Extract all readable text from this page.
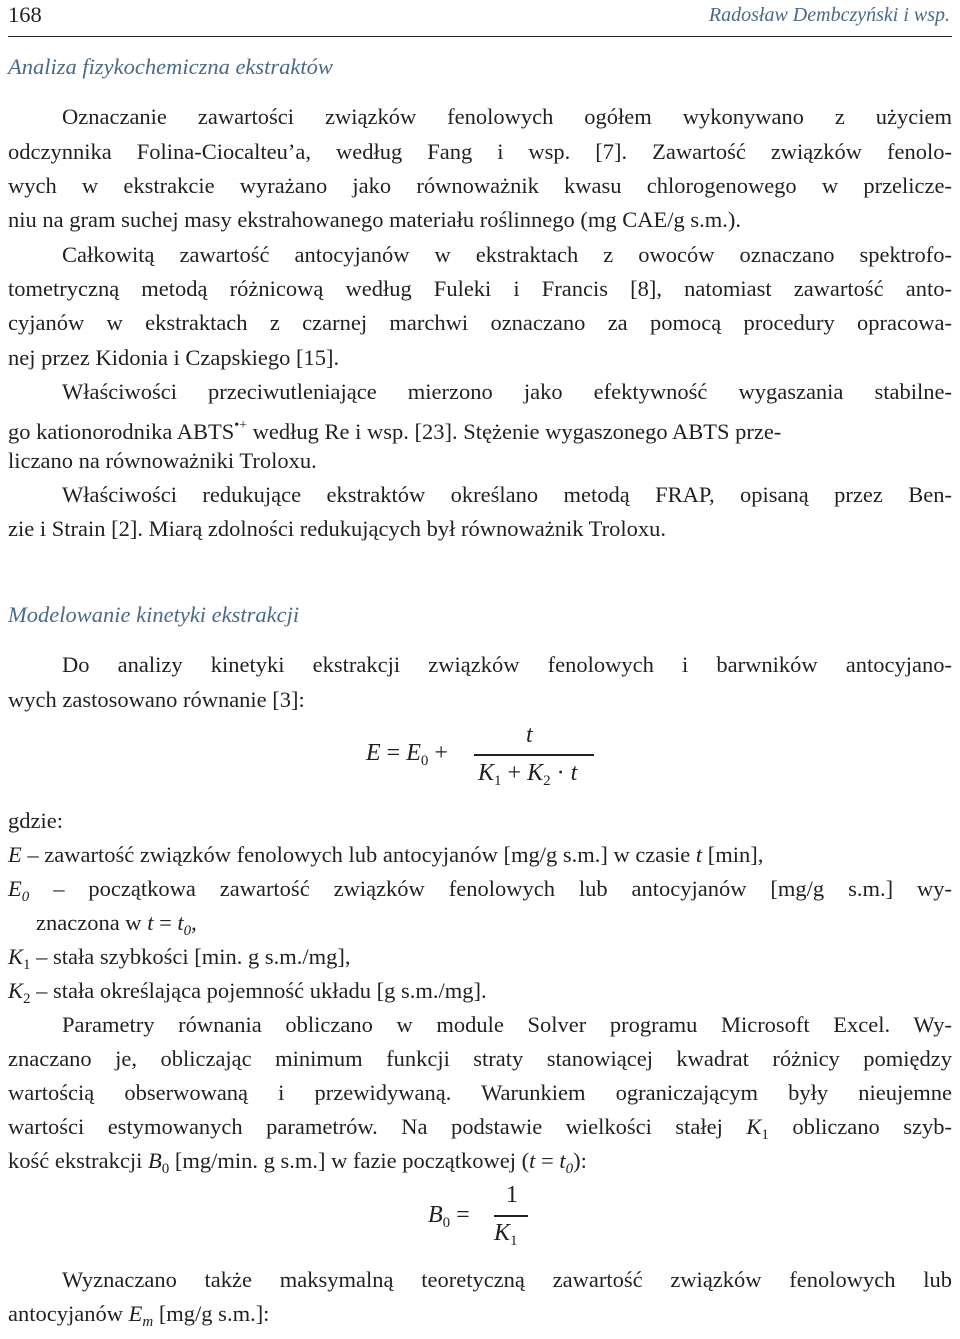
168	Radosław Dembczyński i wsp.
Analiza fizykochemiczna ekstraktów
Oznaczanie zawartości związków fenolowych ogółem wykonywano z użyciem
odczynnika Folina-Ciocalteu’a, według Fang i wsp. [7]. Zawartość związków fenolo-
wych w ekstrakcie wyrażano jako równoważnik kwasu chlorogenowego w przelicze-
niu na gram suchej masy ekstrahowanego materiału roślinnego (mg CAE/g s.m.).
Całkowitą zawartość antocyjanów w ekstraktach z owoców oznaczano spektrofo-
tometryczną metodą różnicową według Fuleki i Francis [8], natomiast zawartość anto-
cyjanów w ekstraktach z czarnej marchwi oznaczano za pomocą procedury opracowa-
nej przez Kidonia i Czapskiego [15].
Właściwości przeciwutleniające mierzono jako efektywność wygaszania stabilne-
go kationorodnika ABTS•+ według Re i wsp. [23]. Stężenie wygaszonego ABTS prze-
liczano na równoważniki Troloxu.
Właściwości redukujące ekstraktów określano metodą FRAP, opisaną przez Ben-
zie i Strain [2]. Miarą zdolności redukujących był równoważnik Troloxu.
Modelowanie kinetyki ekstrakcji
Do analizy kinetyki ekstrakcji związków fenolowych i barwników antocyjano-
wych zastosowano równanie [3]:
$E = E_0$ +
t
$K_1 + K_2 \cdot t$
gdzie:
E – zawartość związków fenolowych lub antocyjanów [mg/g s.m.] w czasie t [min],
$E_0$ – początkowa zawartość związków fenolowych lub antocyjanów [mg/g s.m.] wy-
znaczona w $t = t_0$,
$K_1$ – stała szybkości [min. g s.m./mg],
$K_2$ – stała określająca pojemność układu [g s.m./mg].
Parametry równania obliczano w module Solver programu Microsoft Excel. Wy-
znaczano je, obliczając minimum funkcji straty stanowiącej kwadrat różnicy pomiędzy
wartością obserwowaną i przewidywaną. Warunkiem ograniczającym były nieujemne
wartości estymowanych parametrów. Na podstawie wielkości stałej $K_1$ obliczano szyb-
kość ekstrakcji $B_0$ [mg/min. g s.m.] w fazie początkowej $(t = t_0)$:
$B_0$ =
1
$K_1$
Wyznaczano także maksymalną teoretyczną zawartość związków fenolowych lub
antocyjanów $E_m$ [mg/g s.m.]:
